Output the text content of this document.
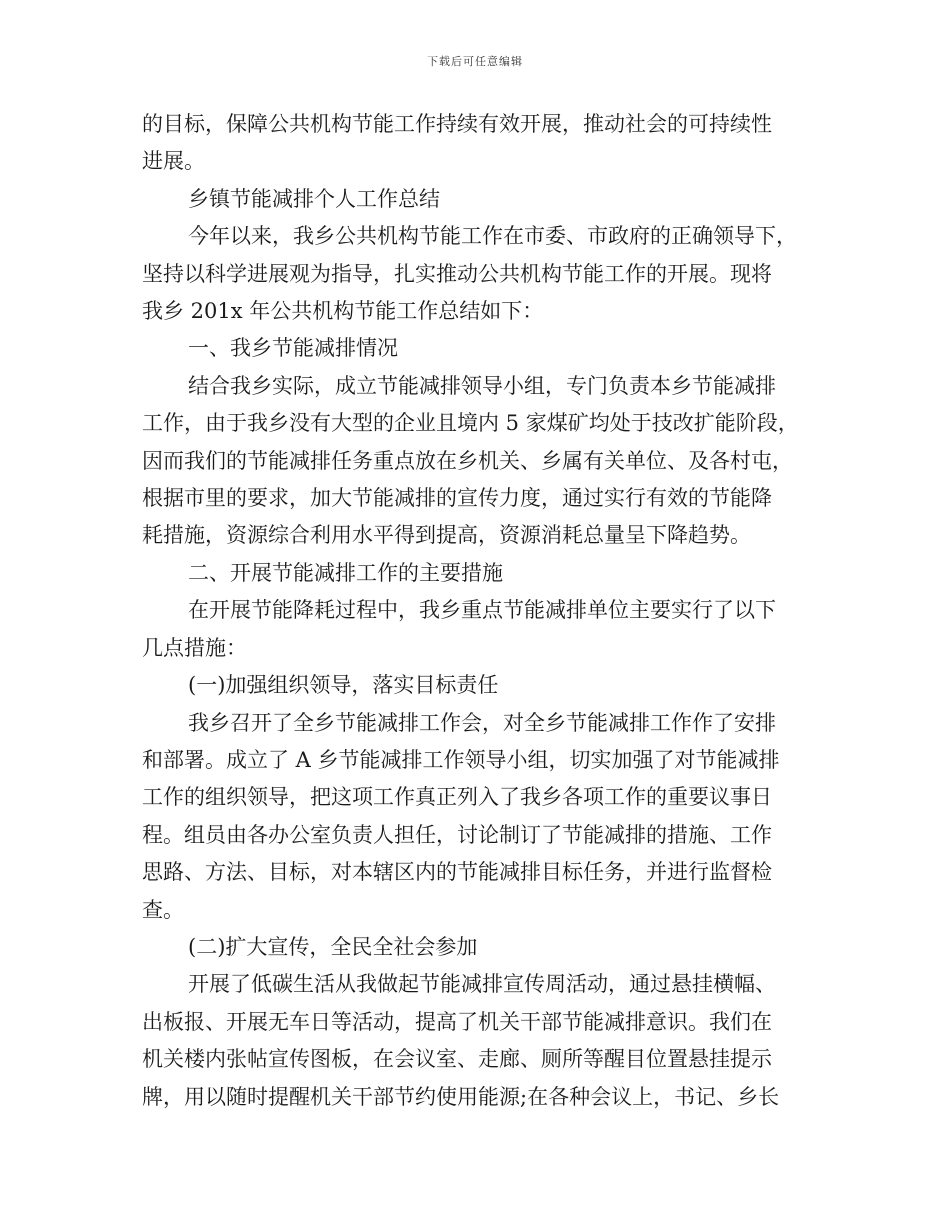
下载后可任意编辑

的目标，保障公共机构节能工作持续有效开展，推动社会的可持续性

进展。

乡镇节能减排个人工作总结

今年以来，我乡公共机构节能工作在市委、市政府的正确领导下，

坚持以科学进展观为指导，扎实推动公共机构节能工作的开展。现将

我乡 201x 年公共机构节能工作总结如下：

一、我乡节能减排情况

结合我乡实际，成立节能减排领导小组，专门负责本乡节能减排

工作，由于我乡没有大型的企业且境内 5 家煤矿均处于技改扩能阶段，

因而我们的节能减排任务重点放在乡机关、乡属有关单位、及各村屯，

根据市里的要求，加大节能减排的宣传力度，通过实行有效的节能降

耗措施，资源综合利用水平得到提高，资源消耗总量呈下降趋势。

二、开展节能减排工作的主要措施

在开展节能降耗过程中，我乡重点节能减排单位主要实行了以下

几点措施：

(一)加强组织领导，落实目标责任

我乡召开了全乡节能减排工作会，对全乡节能减排工作作了安排

和部署。成立了 A 乡节能减排工作领导小组，切实加强了对节能减排

工作的组织领导，把这项工作真正列入了我乡各项工作的重要议事日

程。组员由各办公室负责人担任，讨论制订了节能减排的措施、工作

思路、方法、目标，对本辖区内的节能减排目标任务，并进行监督检

查。

(二)扩大宣传，全民全社会参加

开展了低碳生活从我做起节能减排宣传周活动，通过悬挂横幅、

出板报、开展无车日等活动，提高了机关干部节能减排意识。我们在

机关楼内张帖宣传图板，在会议室、走廊、厕所等醒目位置悬挂提示

牌，用以随时提醒机关干部节约使用能源;在各种会议上，书记、乡长
